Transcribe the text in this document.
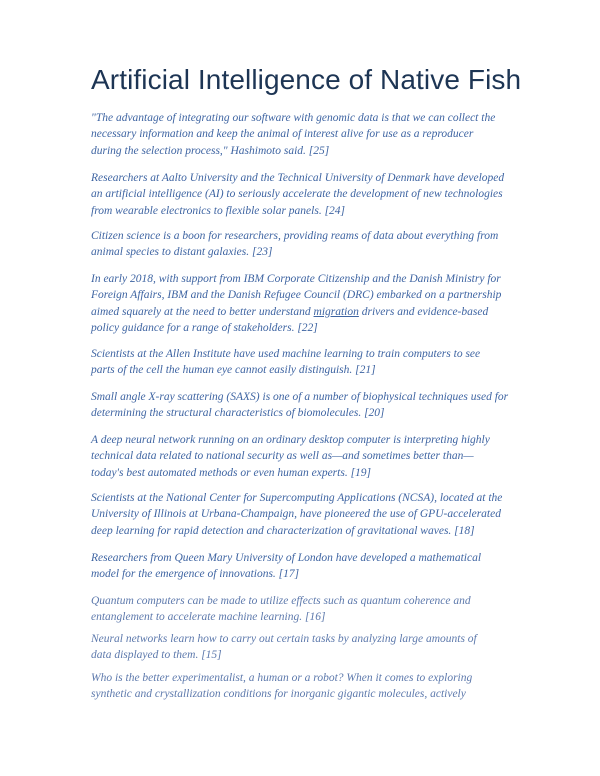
Artificial Intelligence of Native Fish

"The advantage of integrating our software with genomic data is that we can collect the
necessary information and keep the animal of interest alive for use as a reproducer
during the selection process," Hashimoto said. [25]

Researchers at Aalto University and the Technical University of Denmark have developed
an artificial intelligence (AI) to seriously accelerate the development of new technologies
from wearable electronics to flexible solar panels. [24]

Citizen science is a boon for researchers, providing reams of data about everything from
animal species to distant galaxies. [23]

In early 2018, with support from IBM Corporate Citizenship and the Danish Ministry for
Foreign Affairs, IBM and the Danish Refugee Council (DRC) embarked on a partnership
aimed squarely at the need to better understand migration drivers and evidence-based
policy guidance for a range of stakeholders. [22]

Scientists at the Allen Institute have used machine learning to train computers to see
parts of the cell the human eye cannot easily distinguish. [21]

Small angle X-ray scattering (SAXS) is one of a number of biophysical techniques used for
determining the structural characteristics of biomolecules. [20]

A deep neural network running on an ordinary desktop computer is interpreting highly
technical data related to national security as well as—and sometimes better than—
today's best automated methods or even human experts. [19]

Scientists at the National Center for Supercomputing Applications (NCSA), located at the
University of Illinois at Urbana-Champaign, have pioneered the use of GPU-accelerated
deep learning for rapid detection and characterization of gravitational waves. [18]

Researchers from Queen Mary University of London have developed a mathematical
model for the emergence of innovations. [17]

Quantum computers can be made to utilize effects such as quantum coherence and
entanglement to accelerate machine learning. [16]

Neural networks learn how to carry out certain tasks by analyzing large amounts of
data displayed to them. [15]

Who is the better experimentalist, a human or a robot? When it comes to exploring
synthetic and crystallization conditions for inorganic gigantic molecules, actively
